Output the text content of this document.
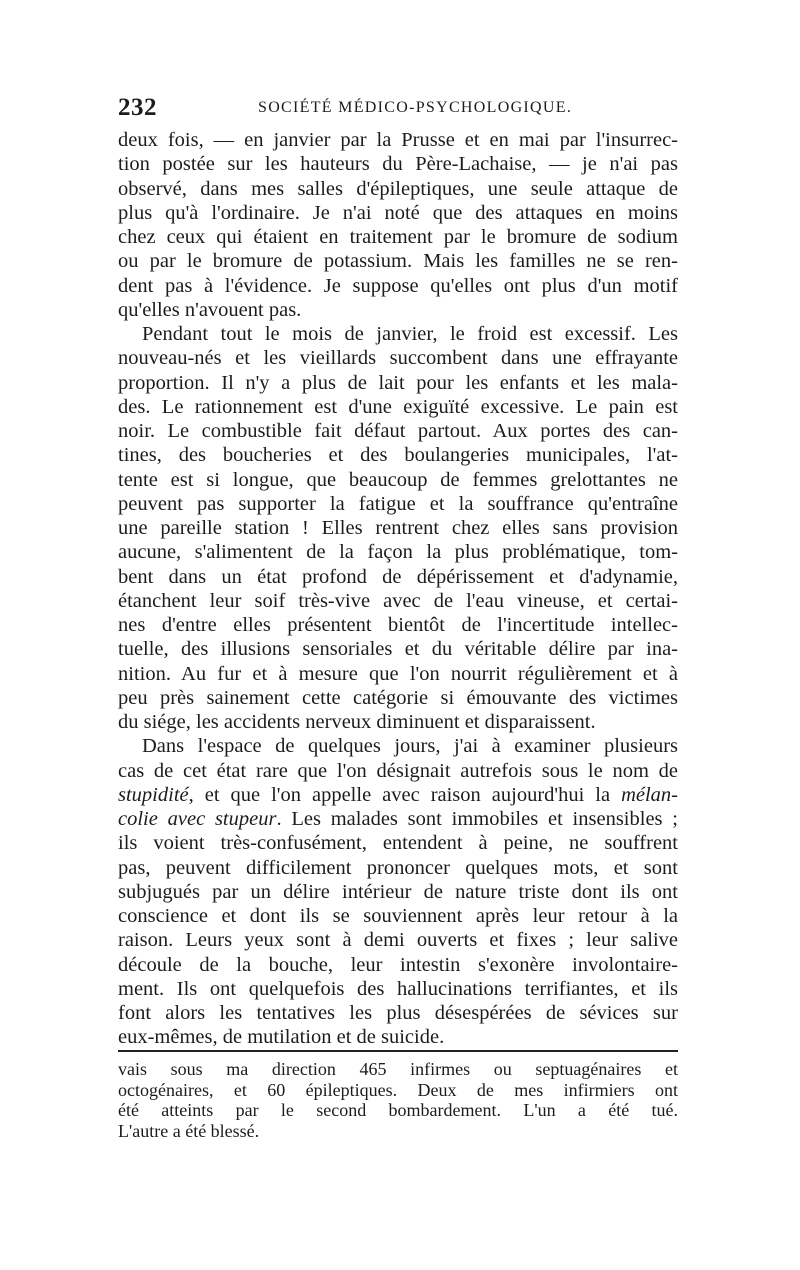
232	SOCIÉTÉ MÉDICO-PSYCHOLOGIQUE.
deux fois, — en janvier par la Prusse et en mai par l'insurrec-
tion postée sur les hauteurs du Père-Lachaise, — je n'ai pas
observé, dans mes salles d'épileptiques, une seule attaque de
plus qu'à l'ordinaire. Je n'ai noté que des attaques en moins
chez ceux qui étaient en traitement par le bromure de sodium
ou par le bromure de potassium. Mais les familles ne se ren-
dent pas à l'évidence. Je suppose qu'elles ont plus d'un motif
qu'elles n'avouent pas.
Pendant tout le mois de janvier, le froid est excessif. Les
nouveau-nés et les vieillards succombent dans une effrayante
proportion. Il n'y a plus de lait pour les enfants et les mala-
des. Le rationnement est d'une exiguïté excessive. Le pain est
noir. Le combustible fait défaut partout. Aux portes des can-
tines, des boucheries et des boulangeries municipales, l'at-
tente est si longue, que beaucoup de femmes grelottantes ne
peuvent pas supporter la fatigue et la souffrance qu'entraîne
une pareille station ! Elles rentrent chez elles sans provision
aucune, s'alimentent de la façon la plus problématique, tom-
bent dans un état profond de dépérissement et d'adynamie,
étanchent leur soif très-vive avec de l'eau vineuse, et certai-
nes d'entre elles présentent bientôt de l'incertitude intellec-
tuelle, des illusions sensoriales et du véritable délire par ina-
nition. Au fur et à mesure que l'on nourrit régulièrement et à
peu près sainement cette catégorie si émouvante des victimes
du siége, les accidents nerveux diminuent et disparaissent.
Dans l'espace de quelques jours, j'ai à examiner plusieurs
cas de cet état rare que l'on désignait autrefois sous le nom de
stupidité, et que l'on appelle avec raison aujourd'hui la mélan-
colie avec stupeur. Les malades sont immobiles et insensibles ;
ils voient très-confusément, entendent à peine, ne souffrent
pas, peuvent difficilement prononcer quelques mots, et sont
subjugués par un délire intérieur de nature triste dont ils ont
conscience et dont ils se souviennent après leur retour à la
raison. Leurs yeux sont à demi ouverts et fixes ; leur salive
découle de la bouche, leur intestin s'exonère involontaire-
ment. Ils ont quelquefois des hallucinations terrifiantes, et ils
font alors les tentatives les plus désespérées de sévices sur
eux-mêmes, de mutilation et de suicide.
vais sous ma direction 465 infirmes ou septuagénaires et
octogénaires, et 60 épileptiques. Deux de mes infirmiers ont
été atteints par le second bombardement. L'un a été tué.
L'autre a été blessé.
